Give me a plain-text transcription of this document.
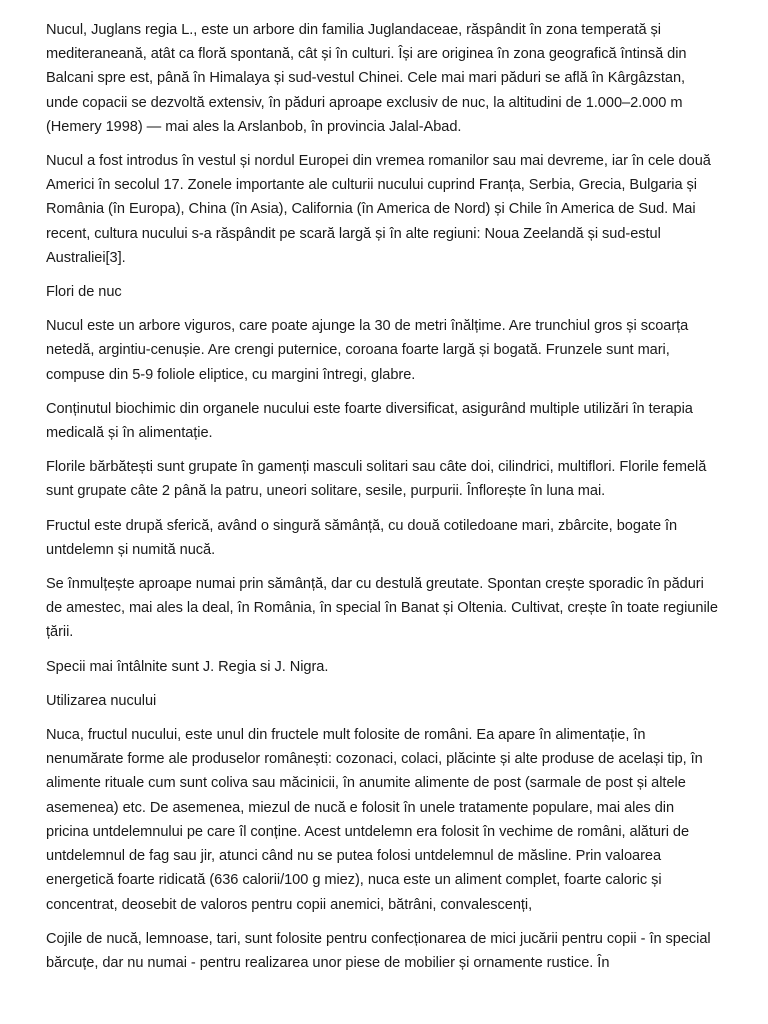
Nucul, Juglans regia L., este un arbore din familia Juglandaceae, răspândit în zona temperată și mediteraneană, atât ca floră spontană, cât și în culturi. Își are originea în zona geografică întinsă din Balcani spre est, până în Himalaya și sud-vestul Chinei. Cele mai mari păduri se află în Kârgâzstan, unde copacii se dezvoltă extensiv, în păduri aproape exclusiv de nuc, la altitudini de 1.000–2.000 m (Hemery 1998) — mai ales la Arslanbob, în provincia Jalal-Abad.

Nucul a fost introdus în vestul și nordul Europei din vremea romanilor sau mai devreme, iar în cele două Americi în secolul 17. Zonele importante ale culturii nucului cuprind Franța, Serbia, Grecia, Bulgaria și România (în Europa), China (în Asia), California (în America de Nord) și Chile în America de Sud. Mai recent, cultura nucului s-a răspândit pe scară largă și în alte regiuni: Noua Zeelandă și sud-estul Australiei[3].

Flori de nuc

Nucul este un arbore viguros, care poate ajunge la 30 de metri înălțime. Are trunchiul gros și scoarța netedă, argintiu-cenușie. Are crengi puternice, coroana foarte largă și bogată. Frunzele sunt mari, compuse din 5-9 foliole eliptice, cu margini întregi, glabre.

Conținutul biochimic din organele nucului este foarte diversificat, asigurând multiple utilizări în terapia medicală și în alimentație.

Florile bărbătești sunt grupate în gamenți masculi solitari sau câte doi, cilindrici, multiflori. Florile femelă sunt grupate câte 2 până la patru, uneori solitare, sesile, purpurii. Înflorește în luna mai.

Fructul este drupă sferică, având o singură sămânță, cu două cotiledoane mari, zbârcite, bogate în untdelemn și numită nucă.

Se înmulțește aproape numai prin sămânță, dar cu destulă greutate. Spontan crește sporadic în păduri de amestec, mai ales la deal, în România, în special în Banat și Oltenia. Cultivat, crește în toate regiunile țării.

Specii mai întâlnite sunt J. Regia si J. Nigra.

Utilizarea nucului

Nuca, fructul nucului, este unul din fructele mult folosite de români. Ea apare în alimentație, în nenumărate forme ale produselor românești: cozonaci, colaci, plăcinte și alte produse de același tip, în alimente rituale cum sunt coliva sau măcinicii, în anumite alimente de post (sarmale de post și altele asemenea) etc. De asemenea, miezul de nucă e folosit în unele tratamente populare, mai ales din pricina untdelemnului pe care îl conține. Acest untdelemn era folosit în vechime de români, alături de untdelemnul de fag sau jir, atunci când nu se putea folosi untdelemnul de măsline. Prin valoarea energetică foarte ridicată (636 calorii/100 g miez), nuca este un aliment complet, foarte caloric și concentrat, deosebit de valoros pentru copii anemici, bătrâni, convalescenți,

Cojile de nucă, lemnoase, tari, sunt folosite pentru confecționarea de mici jucării pentru copii - în special bărcuțe, dar nu numai - pentru realizarea unor piese de mobilier și ornamente rustice. În
